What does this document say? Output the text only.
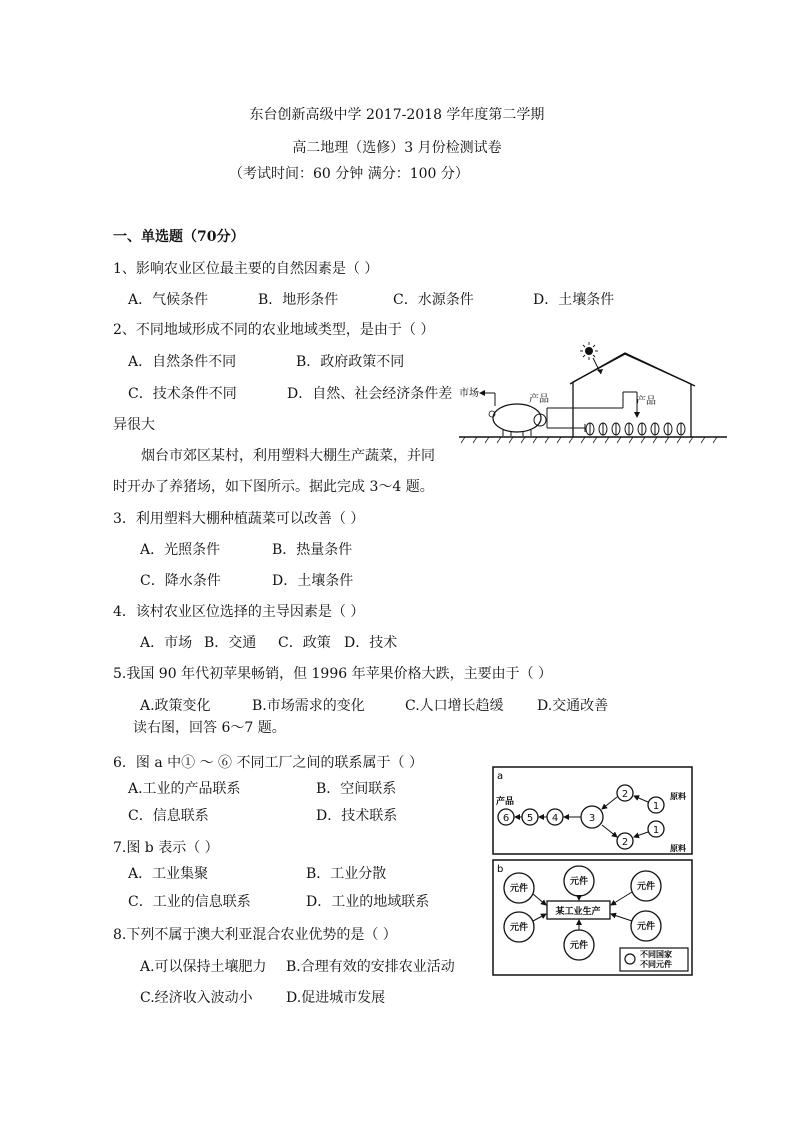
东台创新高级中学 2017-2018 学年度第二学期
高二地理（选修）3 月份检测试卷
（考试时间：60 分钟 满分：100 分）
一、单选题（70分）
1、影响农业区位最主要的自然因素是（ ）
A．气候条件	B．地形条件	C．水源条件	D．土壤条件
2、不同地域形成不同的农业地域类型，是由于（ ）
A．自然条件不同	B．政府政策不同
C．技术条件不同	D．自然、社会经济条件差
异很大
市场
产品	产品
烟台市郊区某村，利用塑料大棚生产蔬菜，并同
时开办了养猪场，如下图所示。据此完成 3～4 题。
3．利用塑料大棚种植蔬菜可以改善（ ）
A．光照条件	B．热量条件
C．降水条件	D．土壤条件
4．该村农业区位选择的主导因素是（ ）
A．市场 B．交通 C．政策 D．技术
5.我国 90 年代初苹果畅销，但 1996 年苹果价格大跌，主要由于（ ）
A.政策变化	B.市场需求的变化	C.人口增长趋缓 D.交通改善
读右图，回答 6～7 题。
6．图 a 中① ～ ⑥ 不同工厂之间的联系属于（ ）
A.工业的产品联系	B．空间联系
C．信息联系	D．技术联系
7.图 b 表示（ ）
A．工业集聚	B．工业分散
C．工业的信息联系	D．工业的地域联系
8.下列不属于澳大利亚混合农业优势的是（ ）
A.可以保持土壤肥力 B.合理有效的安排农业活动
C.经济收入波动小 D.促进城市发展
a
产品
原料
原料
1
2
3
4
5
6
2
1
b
元件
元件	元件
元件
元件
元件
某工业生产
不同国家
不同元件
